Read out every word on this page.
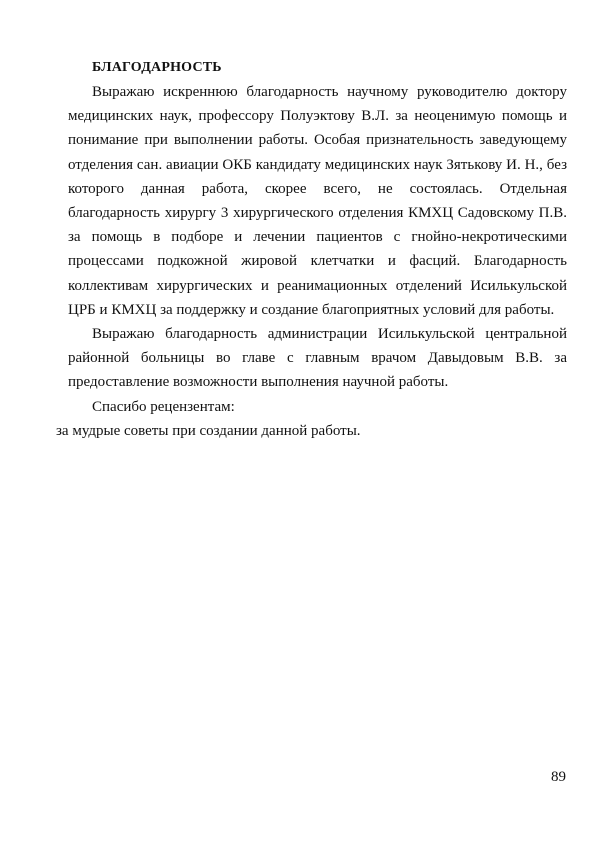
БЛАГОДАРНОСТЬ

Выражаю искреннюю благодарность научному руководителю доктору медицинских наук, профессору Полуэктову В.Л. за неоценимую помощь и понимание при выполнении работы. Особая признательность заведующему отделения сан. авиации ОКБ кандидату медицинских наук Зятькову И. Н., без которого данная работа, скорее всего, не состоялась. Отдельная благодарность хирургу 3 хирургического отделения КМХЦ Садовскому П.В. за помощь в подборе и лечении пациентов с гнойно-некротическими процессами подкожной жировой клетчатки и фасций. Благодарность коллективам хирургических и реанимационных отделений Исилькульской ЦРБ и КМХЦ за поддержку и создание благоприятных условий для работы.

Выражаю благодарность администрации Исилькульской центральной районной больницы во главе с главным врачом Давыдовым В.В. за предоставление возможности выполнения научной работы.

Спасибо рецензентам:

за мудрые советы при создании данной работы.

89
